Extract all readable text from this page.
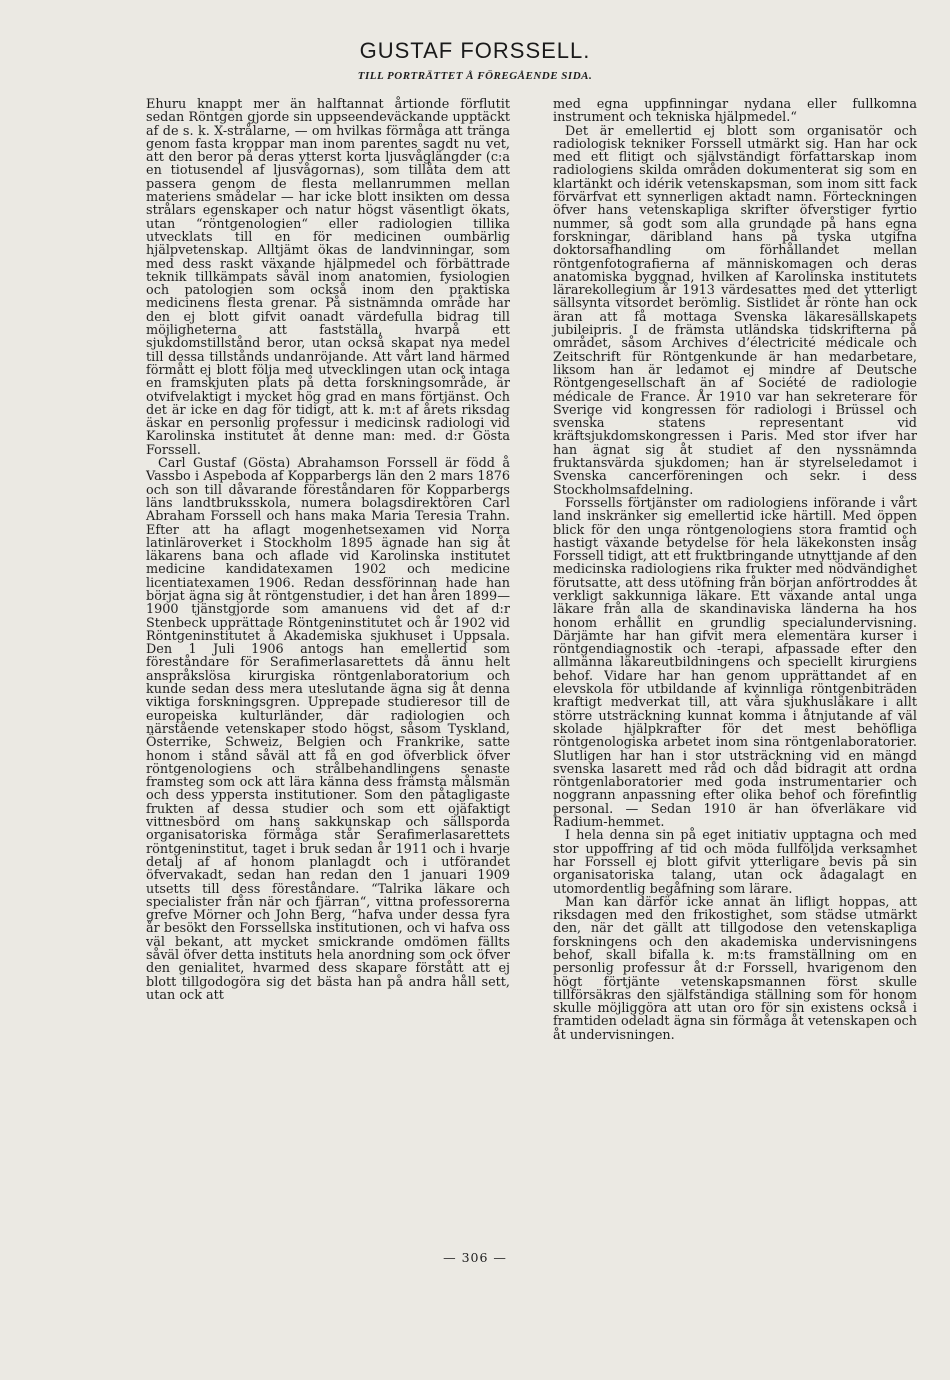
GUSTAF FORSSELL.
TILL PORTRÄTTET Å FÖREGÅENDE SIDA.

Ehuru knappt mer än halftannat årtionde förflutit sedan Röntgen gjorde sin uppseendeväckande upptäckt af de s. k. X-strålarne, — om hvilkas förmåga att tränga genom fasta kroppar man inom parentes sagdt nu vet, att den beror på deras ytterst korta ljusvåglängder (c:a en tiotusendel af ljusvågornas), som tillåta dem att passera genom de flesta mellanrummen mellan materiens smådelar — har icke blott insikten om dessa strålars egenskaper och natur högst väsentligt ökats, utan “röntgenologien“ eller radiologien tillika utvecklats till en för medicinen oumbärlig hjälpvetenskap. Alltjämt ökas de landvinningar, som med dess raskt växande hjälpmedel och förbättrade teknik tillkämpats såväl inom anatomien, fysiologien och patologien som också inom den praktiska medicinens flesta grenar. På sistnämnda område har den ej blott gifvit oanadt värdefulla bidrag till möjligheterna att fastställa, hvarpå ett sjukdomstillstånd beror, utan också skapat nya medel till dessa tillstånds undanröjande. Att vårt land härmed förmått ej blott följa med utvecklingen utan ock intaga en framskjuten plats på detta forskningsområde, är otvifvelaktigt i mycket hög grad en mans förtjänst. Och det är icke en dag för tidigt, att k. m:t af årets riksdag äskar en personlig professur i medicinsk radiologi vid Karolinska institutet åt denne man: med. d:r Gösta Forssell.

Carl Gustaf (Gösta) Abrahamson Forssell är född å Vassbo i Aspeboda af Kopparbergs län den 2 mars 1876 och son till dåvarande föreståndaren för Kopparbergs läns landtbruksskola, numera bolagsdirektören Carl Abraham Forssell och hans maka Maria Teresia Trahn. Efter att ha aflagt mogenhetsexamen vid Norra latinläroverket i Stockholm 1895 ägnade han sig åt läkarens bana och aflade vid Karolinska institutet medicine kandidatexamen 1902 och medicine licentiatexamen 1906. Redan dessförinnan hade han börjat ägna sig åt röntgenstudier, i det han åren 1899—1900 tjänstgjorde som amanuens vid det af d:r Stenbeck upprättade Röntgeninstitutet och år 1902 vid Röntgeninstitutet å Akademiska sjukhuset i Uppsala. Den 1 Juli 1906 antogs han emellertid som föreståndare för Serafimerlasarettets då ännu helt anspråkslösa kirurgiska röntgenlaboratorium och kunde sedan dess mera uteslutande ägna sig åt denna viktiga forskningsgren. Upprepade studieresor till de europeiska kulturländer, där radiologien och närstående vetenskaper stodo högst, såsom Tyskland, Österrike, Schweiz, Belgien och Frankrike, satte honom i stånd såväl att få en god öfverblick öfver röntgenologiens och strålbehandlingens senaste framsteg som ock att lära känna dess främsta målsmän och dess yppersta institutioner. Som den påtagligaste frukten af dessa studier och som ett ojäfaktigt vittnesbörd om hans sakkunskap och sällsporda organisatoriska förmåga står Serafimerlasarettets röntgeninstitut, taget i bruk sedan år 1911 och i hvarje detalj af af honom planlagdt och i utförandet öfvervakadt, sedan han redan den 1 januari 1909 utsetts till dess föreståndare. “Talrika läkare och specialister från när och fjärran“, vittna professorerna grefve Mörner och John Berg, “hafva under dessa fyra år besökt den Forssellska institutionen, och vi hafva oss väl bekant, att mycket smickrande omdömen fällts såväl öfver detta instituts hela anordning som ock öfver den genialitet, hvarmed dess skapare förstått att ej blott tillgodogöra sig det bästa han på andra håll sett, utan ock att

med egna uppfinningar nydana eller fullkomna instrument och tekniska hjälpmedel.“

Det är emellertid ej blott som organisatör och radiologisk tekniker Forssell utmärkt sig. Han har ock med ett flitigt och självständigt författarskap inom radiologiens skilda områden dokumenterat sig som en klartänkt och idérik vetenskapsman, som inom sitt fack förvärfvat ett synnerligen aktadt namn. Förteckningen öfver hans vetenskapliga skrifter öfverstiger fyrtio nummer, så godt som alla grundade på hans egna forskningar, däribland hans på tyska utgifna doktorsafhandling om förhållandet mellan röntgenfotografierna af människomagen och deras anatomiska byggnad, hvilken af Karolinska institutets lärarekollegium år 1913 värdesattes med det ytterligt sällsynta vitsordet berömlig. Sistlidet år rönte han ock äran att få mottaga Svenska läkaresällskapets jubileipris. I de främsta utländska tidskrifterna på området, såsom Archives d’électricité médicale och Zeitschrift für Röntgenkunde är han medarbetare, liksom han är ledamot ej mindre af Deutsche Röntgengesellschaft än af Société de radiologie médicale de France. År 1910 var han sekreterare för Sverige vid kongressen för radiologi i Brüssel och svenska statens representant vid kräftsjukdomskongressen i Paris. Med stor ifver har han ägnat sig åt studiet af den nyssnämnda fruktansvärda sjukdomen; han är styrelseledamot i Svenska cancerföreningen och sekr. i dess Stockholmsafdelning.

Forssells förtjänster om radiologiens införande i vårt land inskränker sig emellertid icke härtill. Med öppen blick för den unga röntgenologiens stora framtid och hastigt växande betydelse för hela läkekonsten insåg Forssell tidigt, att ett fruktbringande utnyttjande af den medicinska radiologiens rika frukter med nödvändighet förutsatte, att dess utöfning från början anförtroddes åt verkligt sakkunniga läkare. Ett växande antal unga läkare från alla de skandinaviska länderna ha hos honom erhållit en grundlig specialundervisning. Därjämte har han gifvit mera elementära kurser i röntgendiagnostik och -terapi, afpassade efter den allmänna läkareutbildningens och speciellt kirurgiens behof. Vidare har han genom upprättandet af en elevskola för utbildande af kvinnliga röntgenbiträden kraftigt medverkat till, att våra sjukhusläkare i allt större utsträckning kunnat komma i åtnjutande af väl skolade hjälpkrafter för det mest behöfliga röntgenologiska arbetet inom sina röntgenlaboratorier. Slutligen har han i stor utsträckning vid en mängd svenska lasarett med råd och dåd bidragit att ordna röntgenlaboratorier med goda instrumentarier och noggrann anpassning efter olika behof och förefintlig personal. — Sedan 1910 är han öfverläkare vid Radium-hemmet.

I hela denna sin på eget initiativ upptagna och med stor uppoffring af tid och möda fullföljda verksamhet har Forssell ej blott gifvit ytterligare bevis på sin organisatoriska talang, utan ock ådagalagt en utomordentlig begåfning som lärare.

Man kan därför icke annat än lifligt hoppas, att riksdagen med den frikostighet, som städse utmärkt den, när det gällt att tillgodose den vetenskapliga forskningens och den akademiska undervisningens behof, skall bifalla k. m:ts framställning om en personlig professur åt d:r Forssell, hvarigenom den högt förtjänte vetenskapsmannen först skulle tillförsäkras den själfständiga ställning som för honom skulle möjliggöra att utan oro för sin existens också i framtiden odeladt ägna sin förmåga åt vetenskapen och åt undervisningen.

— 306 —
